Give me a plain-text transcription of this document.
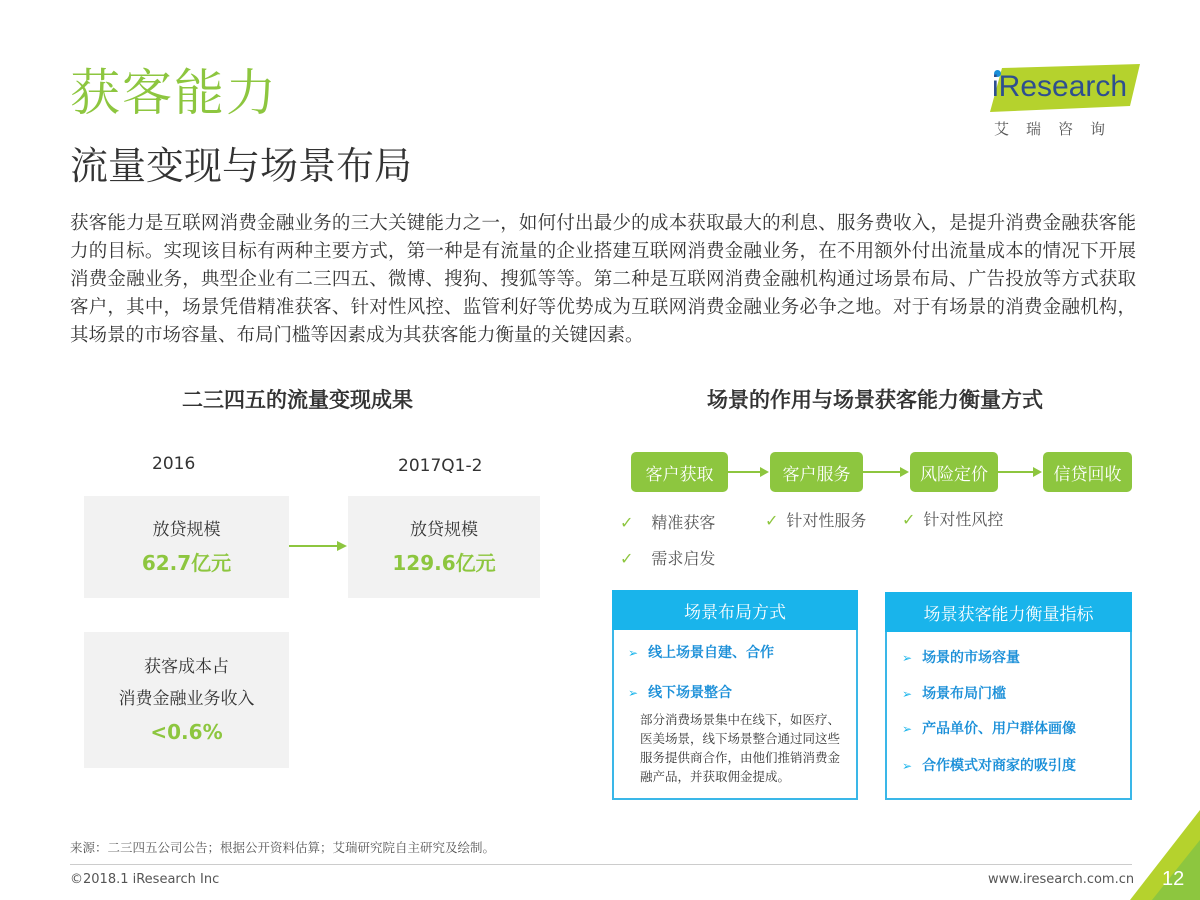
获客能力
流量变现与场景布局
iResearch
艾瑞咨询

获客能力是互联网消费金融业务的三大关键能力之一，如何付出最少的成本获取最大的利息、服务费收入，是提升消费金融获客能力的目标。实现该目标有两种主要方式，第一种是有流量的企业搭建互联网消费金融业务，在不用额外付出流量成本的情况下开展消费金融业务，典型企业有二三四五、微博、搜狗、搜狐等等。第二种是互联网消费金融机构通过场景布局、广告投放等方式获取客户，其中，场景凭借精准获客、针对性风控、监管利好等优势成为互联网消费金融业务必争之地。对于有场景的消费金融机构，其场景的市场容量、布局门槛等因素成为其获客能力衡量的关键因素。

二三四五的流量变现成果
2016	2017Q1-2
放贷规模
62.7亿元
放贷规模
129.6亿元
获客成本占
消费金融业务收入
<0.6%
场景的作用与场景获客能力衡量方式
客户获取	客户服务	风险定价	信贷回收
✓ 精准获客
✓ 需求启发
✓ 针对性服务 ✓ 针对性风控
场景布局方式
➢ 线上场景自建、合作
➢ 线下场景整合
部分消费场景集中在线下，如医疗、医美场景，线下场景整合通过同这些服务提供商合作，由他们推销消费金融产品，并获取佣金提成。
场景获客能力衡量指标
➢ 场景的市场容量
➢ 场景布局门槛
➢ 产品单价、用户群体画像
➢ 合作模式对商家的吸引度
来源：二三四五公司公告；根据公开资料估算；艾瑞研究院自主研究及绘制。
©2018.1 iResearch Inc	www.iresearch.com.cn 12
